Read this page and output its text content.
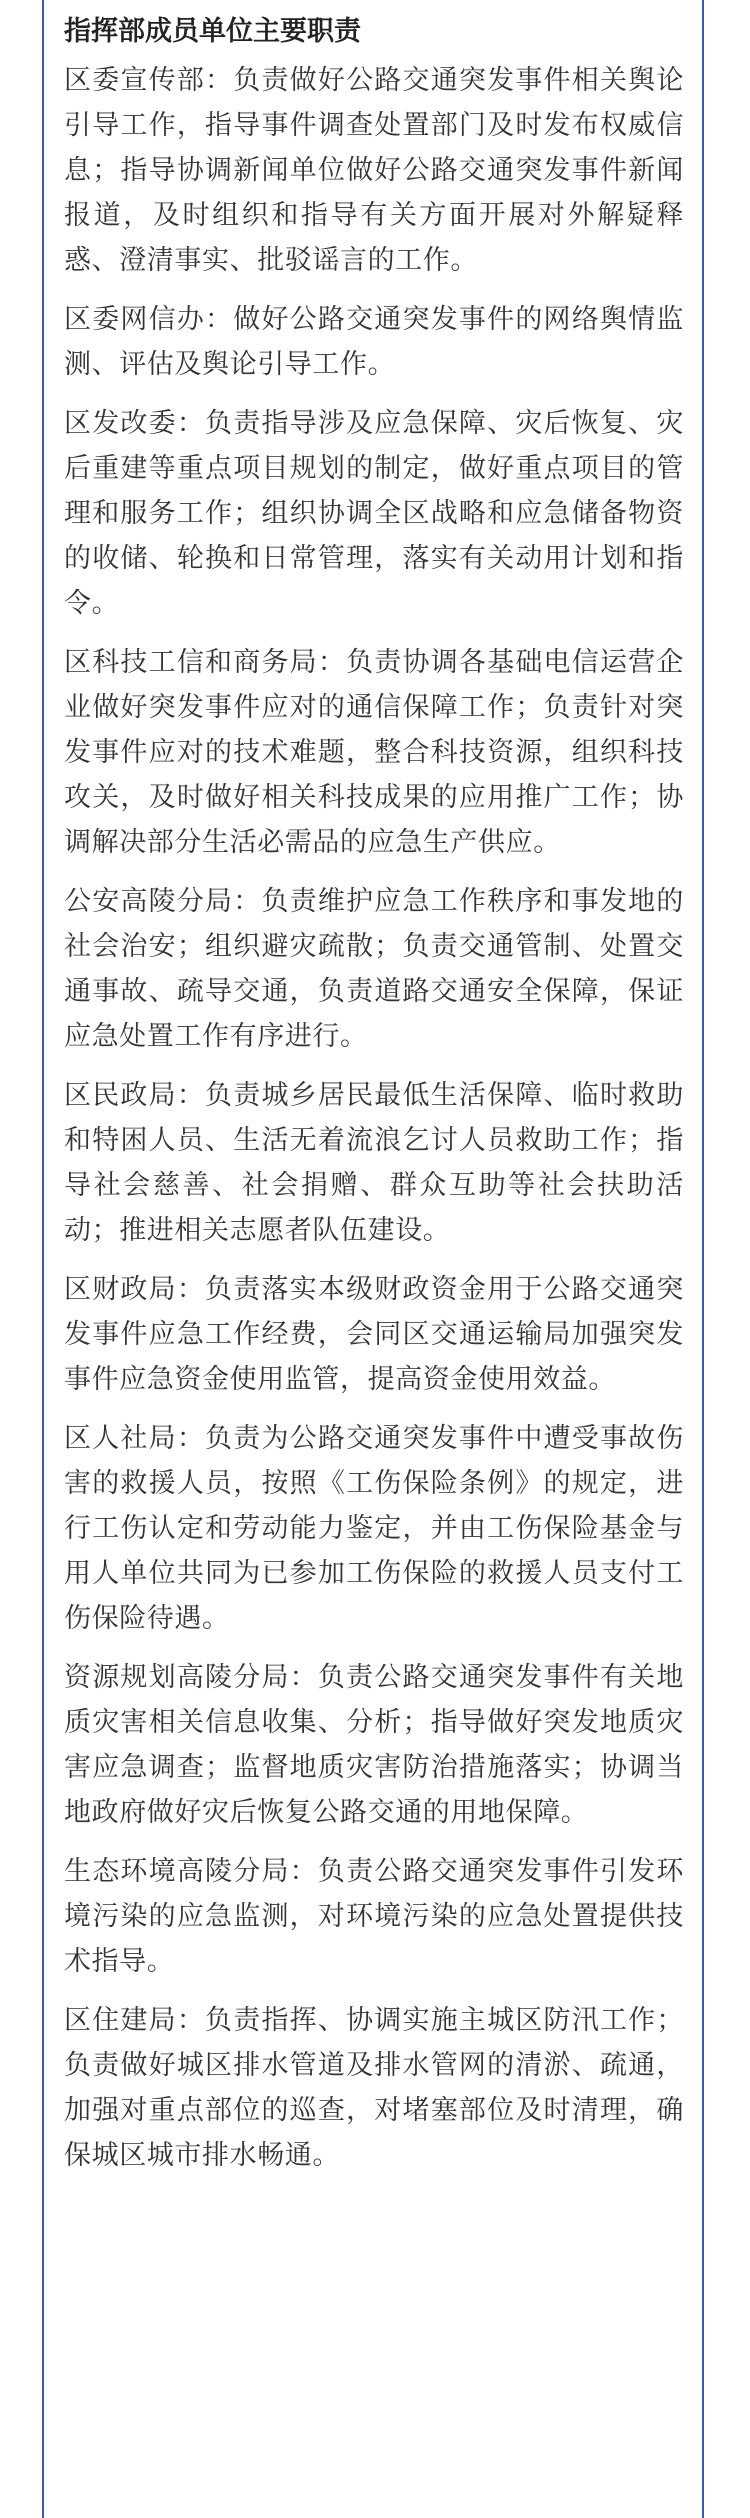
指挥部成员单位主要职责

区委宣传部：负责做好公路交通突发事件相关舆论引导工作，指导事件调查处置部门及时发布权威信息；指导协调新闻单位做好公路交通突发事件新闻报道，及时组织和指导有关方面开展对外解疑释惑、澄清事实、批驳谣言的工作。

区委网信办：做好公路交通突发事件的网络舆情监测、评估及舆论引导工作。

区发改委：负责指导涉及应急保障、灾后恢复、灾后重建等重点项目规划的制定，做好重点项目的管理和服务工作；组织协调全区战略和应急储备物资的收储、轮换和日常管理，落实有关动用计划和指令。

区科技工信和商务局：负责协调各基础电信运营企业做好突发事件应对的通信保障工作；负责针对突发事件应对的技术难题，整合科技资源，组织科技攻关，及时做好相关科技成果的应用推广工作；协调解决部分生活必需品的应急生产供应。

公安高陵分局：负责维护应急工作秩序和事发地的社会治安；组织避灾疏散；负责交通管制、处置交通事故、疏导交通，负责道路交通安全保障，保证应急处置工作有序进行。

区民政局：负责城乡居民最低生活保障、临时救助和特困人员、生活无着流浪乞讨人员救助工作；指导社会慈善、社会捐赠、群众互助等社会扶助活动；推进相关志愿者队伍建设。

区财政局：负责落实本级财政资金用于公路交通突发事件应急工作经费，会同区交通运输局加强突发事件应急资金使用监管，提高资金使用效益。

区人社局：负责为公路交通突发事件中遭受事故伤害的救援人员，按照《工伤保险条例》的规定，进行工伤认定和劳动能力鉴定，并由工伤保险基金与用人单位共同为已参加工伤保险的救援人员支付工伤保险待遇。

资源规划高陵分局：负责公路交通突发事件有关地质灾害相关信息收集、分析；指导做好突发地质灾害应急调查；监督地质灾害防治措施落实；协调当地政府做好灾后恢复公路交通的用地保障。

生态环境高陵分局：负责公路交通突发事件引发环境污染的应急监测，对环境污染的应急处置提供技术指导。

区住建局：负责指挥、协调实施主城区防汛工作；负责做好城区排水管道及排水管网的清淤、疏通，加强对重点部位的巡查，对堵塞部位及时清理，确保城区城市排水畅通。
